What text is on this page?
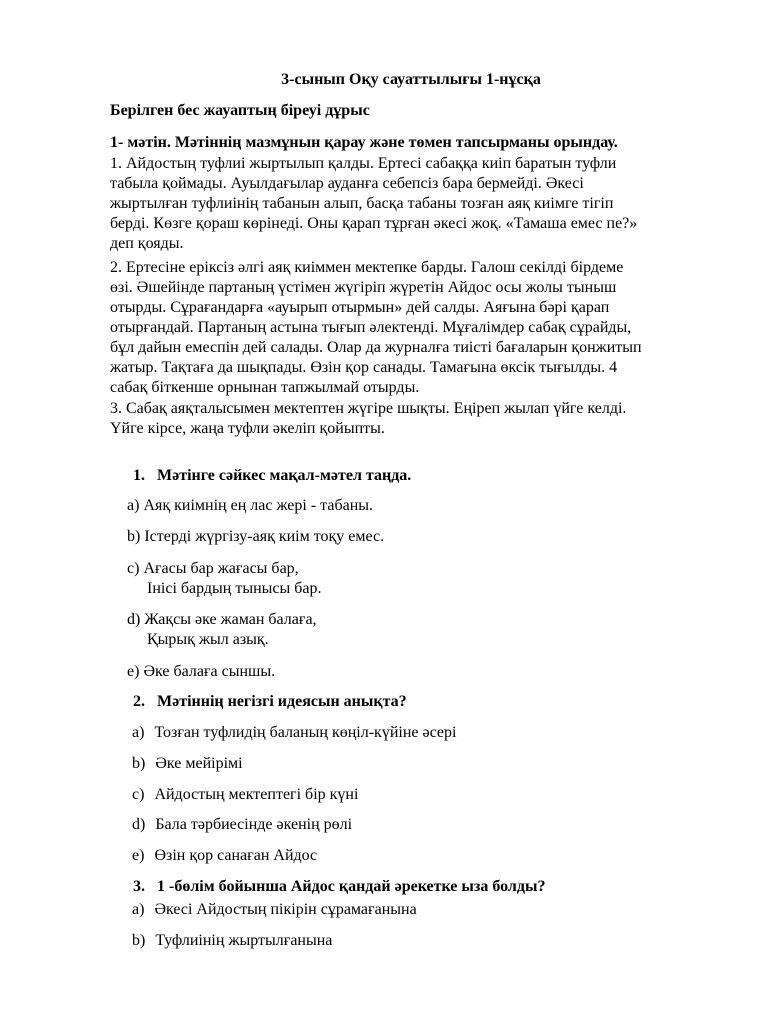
3-сынып Оқу сауаттылығы 1-нұсқа
Берілген бес жауаптың біреуі дұрыс
1- мәтін. Мәтіннің мазмұнын қарау және төмен тапсырманы орындау.

1. Айдостың туфлиі жыртылып қалды. Ертесі сабаққа киіп баратын туфли

табыла қоймады. Ауылдағылар ауданға себепсіз бара бермейді. Әкесі

жыртылған туфлиінің табанын алып, басқа табаны тозған аяқ киімге тігіп

берді. Көзге қораш көрінеді. Оны қарап тұрған әкесі жоқ. «Тамаша емес пе?»

деп қояды.

2. Ертесіне еріксіз әлгі аяқ киіммен мектепке барды. Галош секілді бірдеме

өзі. Әшейінде партаның үстімен жүгіріп жүретін Айдос осы жолы тыныш

отырды. Сұрағандарға «ауырып отырмын» дей салды. Аяғына бәрі қарап

отырғандай. Партаның астына тығып әлектенді. Мұғалімдер сабақ сұрайды,

бұл дайын емеспін дей салады. Олар да журналға тиісті бағаларын қонжитып

жатыр. Тақтаға да шықпады. Өзін қор санады. Тамағына өксік тығылды. 4

сабақ біткенше орнынан тапжылмай отырды.

3. Сабақ аяқталысымен мектептен жүгіре шықты. Еңіреп жылап үйге келді.

Үйге кірсе, жаңа туфли әкеліп қойыпты.

1. Мәтінге сәйкес мақал-мәтел таңда.
a) Аяқ киімнің ең лас жері - табаны.
b) Істерді жүргізу-аяқ киім тоқу емес.
c) Ағасы бар жағасы бар,
Інісі бардың тынысы бар.
d) Жақсы әке жаман балаға,
Қырық жыл азық.
e) Әке балаға сыншы.
2. Мәтіннің негізгі идеясын анықта?
a) Тозған туфлидің баланың көңіл-күйіне әсері
b) Әке мейірімі
c) Айдостың мектептегі бір күні
d) Бала тәрбиесінде әкенің рөлі
e) Өзін қор санаған Айдос
3. 1 -бөлім бойынша Айдос қандай әрекетке ыза болды?
a) Әкесі Айдостың пікірін сұрамағанына
b) Туфлиінің жыртылғанына
